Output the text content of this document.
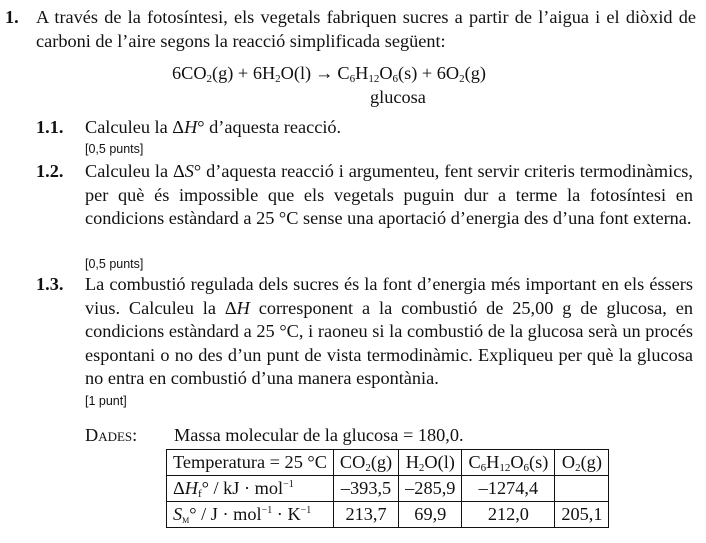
1. A través de la fotosíntesi, els vegetals fabriquen sucres a partir de l’aigua i el diòxid de carboni de l’aire segons la reacció simplificada següent:
$6CO_2(g) + 6H_2O(l) \to C_6H_{12}O_6(s) + 6O_2(g)$
glucosa
1.1. Calculeu la ΔH° d’aquesta reacció.
[0,5 punts]
1.2. Calculeu la ΔS° d’aquesta reacció i argumenteu, fent servir criteris termodinàmics, per què és impossible que els vegetals puguin dur a terme la fotosíntesi en condicions estàndard a 25 °C sense una aportació d’energia des d’una font externa.
[0,5 punts]
1.3. La combustió regulada dels sucres és la font d’energia més important en els éssers vius. Calculeu la ΔH corresponent a la combustió de 25,00 g de glucosa, en condicions estàndard a 25 °C, i raoneu si la combustió de la glucosa serà un procés espontani o no des d’un punt de vista termodinàmic. Expliqueu per què la glucosa no entra en combustió d’una manera espontània.
[1 punt]
Dades: Massa molecular de la glucosa = 180,0.
Temperatura = 25 °C	$CO_2(g)$	$H_2O(l)$	$C_6H_{12}O_6(s)$	$O_2(g)$
$\Delta H_f^\circ$ / kJ · mol$^{-1}$	–393,5	–285,9	–1274,4	
$S_m^\circ / J \cdot mol^{-1} \cdot K^{-1}$	213,7	69,9	212,0	205,1
